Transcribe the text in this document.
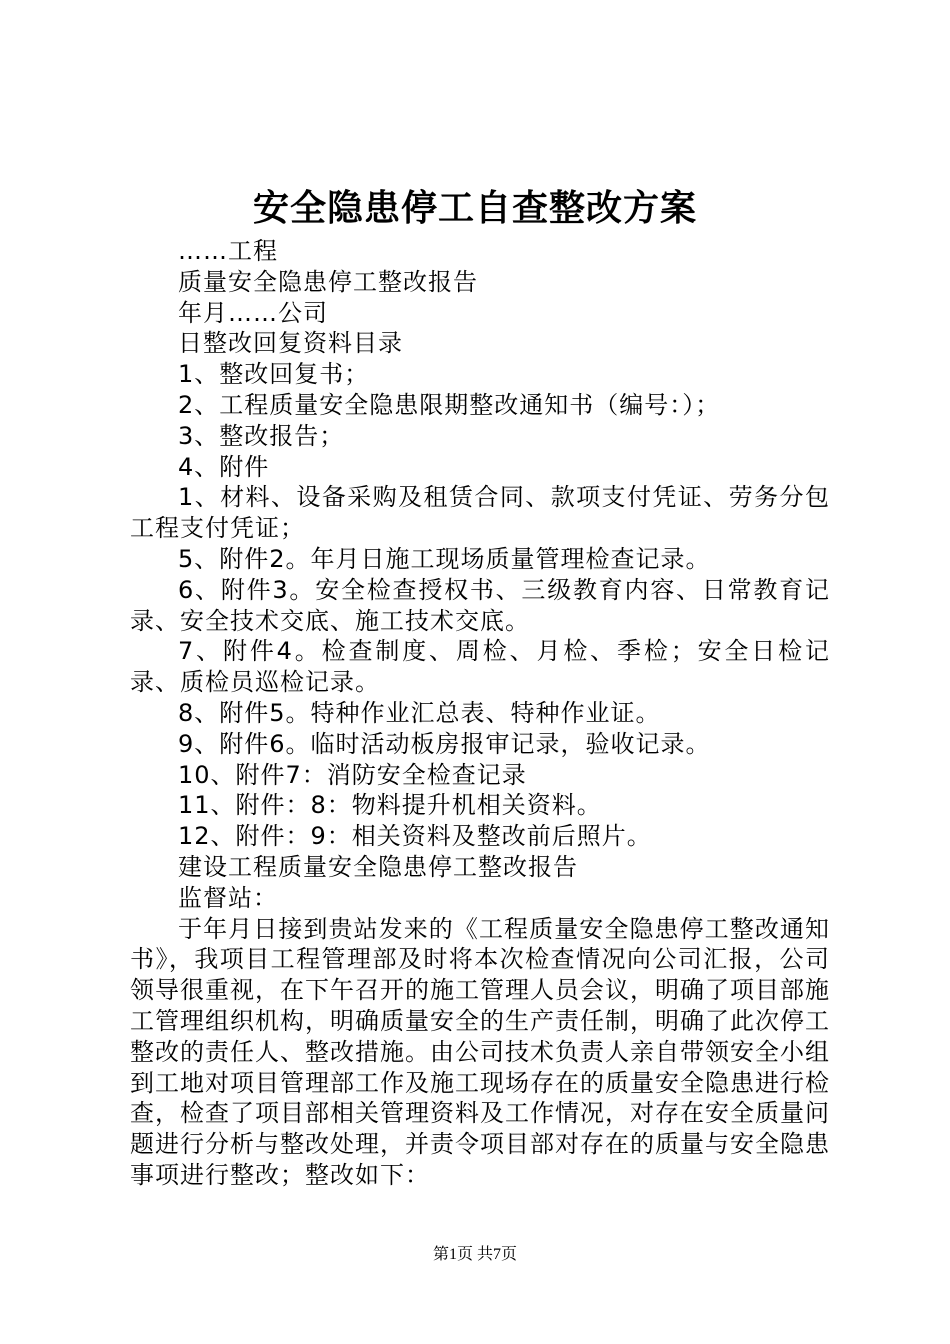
安全隐患停工自查整改方案

……工程

质量安全隐患停工整改报告

年月……公司

日整改回复资料目录

1、整改回复书；

2、工程质量安全隐患限期整改通知书（编号：）；

3、整改报告；

4、附件

1、材料、设备采购及租赁合同、款项支付凭证、劳务分包工程支付凭证；

5、附件2。年月日施工现场质量管理检查记录。

6、附件3。安全检查授权书、三级教育内容、日常教育记录、安全技术交底、施工技术交底。

7、附件4。检查制度、周检、月检、季检；安全日检记录、质检员巡检记录。

8、附件5。特种作业汇总表、特种作业证。

9、附件6。临时活动板房报审记录，验收记录。

10、附件7：消防安全检查记录

11、附件：8：物料提升机相关资料。

12、附件：9：相关资料及整改前后照片。

建设工程质量安全隐患停工整改报告

监督站：

于年月日接到贵站发来的《工程质量安全隐患停工整改通知书》，我项目工程管理部及时将本次检查情况向公司汇报，公司领导很重视，在下午召开的施工管理人员会议，明确了项目部施工管理组织机构，明确质量安全的生产责任制，明确了此次停工整改的责任人、整改措施。由公司技术负责人亲自带领安全小组到工地对项目管理部工作及施工现场存在的质量安全隐患进行检查，检查了项目部相关管理资料及工作情况，对存在安全质量问题进行分析与整改处理，并责令项目部对存在的质量与安全隐患事项进行整改；整改如下：

第1页 共7页
